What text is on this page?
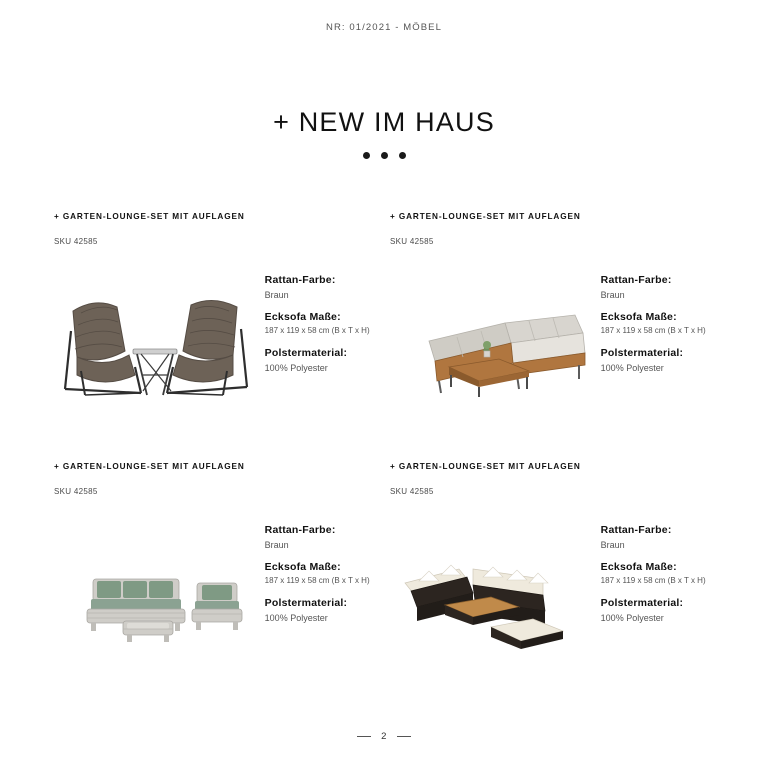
NR: 01/2021 - MÖBEL
+ NEW IM HAUS
+ GARTEN-LOUNGE-SET MIT AUFLAGEN
SKU 42585
Rattan-Farbe:
Braun
Ecksofa Maße:
187 x 119 x 58 cm (B x T x H)
Polstermaterial:
100% Polyester
+ GARTEN-LOUNGE-SET MIT AUFLAGEN
SKU 42585
Rattan-Farbe:
Braun
Ecksofa Maße:
187 x 119 x 58 cm (B x T x H)
Polstermaterial:
100% Polyester
+ GARTEN-LOUNGE-SET MIT AUFLAGEN
SKU 42585
Rattan-Farbe:
Braun
Ecksofa Maße:
187 x 119 x 58 cm (B x T x H)
Polstermaterial:
100% Polyester
+ GARTEN-LOUNGE-SET MIT AUFLAGEN
SKU 42585
Rattan-Farbe:
Braun
Ecksofa Maße:
187 x 119 x 58 cm (B x T x H)
Polstermaterial:
100% Polyester
2
